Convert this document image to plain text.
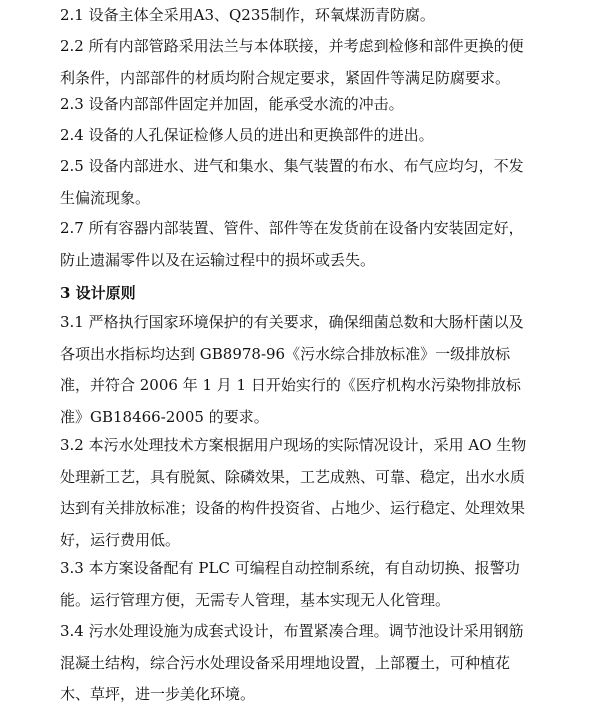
2.1 设备主体全采用A3、Q235制作，环氧煤沥青防腐。

2.2 所有内部管路采用法兰与本体联接，并考虑到检修和部件更换的便利条件，内部部件的材质均附合规定要求，紧固件等满足防腐要求。

2.3 设备内部部件固定并加固，能承受水流的冲击。

2.4 设备的人孔保证检修人员的进出和更换部件的进出。

2.5 设备内部进水、进气和集水、集气装置的布水、布气应均匀，不发生偏流现象。

2.7 所有容器内部装置、管件、部件等在发货前在设备内安装固定好，防止遗漏零件以及在运输过程中的损坏或丢失。

3 设计原则

3.1 严格执行国家环境保护的有关要求，确保细菌总数和大肠杆菌以及各项出水指标均达到 GB8978-96《污水综合排放标准》一级排放标准，并符合 2006 年 1 月 1 日开始实行的《医疗机构水污染物排放标准》GB18466-2005 的要求。

3.2 本污水处理技术方案根据用户现场的实际情况设计，采用 AO 生物处理新工艺，具有脱氮、除磷效果，工艺成熟、可靠、稳定，出水水质达到有关排放标准；设备的构件投资省、占地少、运行稳定、处理效果好，运行费用低。

3.3 本方案设备配有 PLC 可编程自动控制系统，有自动切换、报警功能。运行管理方便，无需专人管理，基本实现无人化管理。

3.4 污水处理设施为成套式设计，布置紧凑合理。调节池设计采用钢筋混凝土结构，综合污水处理设备采用埋地设置，上部覆土，可种植花木、草坪，进一步美化环境。
